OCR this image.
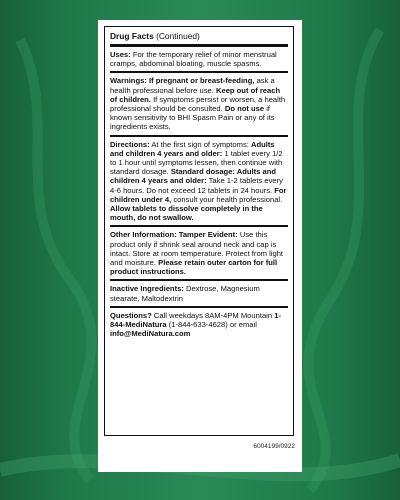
Drug Facts (Continued)

Uses: For the temporary relief of minor menstrual cramps, abdominal bloating, muscle spasms.

Warnings: If pregnant or breast-feeding, ask a health professional before use. Keep out of reach of children. If symptoms persist or worsen, a health professional should be consulted. Do not use if known sensitivity to BHI Spasm Pain or any of its ingredients exists.

Directions: At the first sign of symptoms: Adults and children 4 years and older: 1 tablet every 1/2 to 1 hour until symptoms lessen, then continue with standard dosage. Standard dosage: Adults and children 4 years and older: Take 1-2 tablets every 4-6 hours. Do not exceed 12 tablets in 24 hours. For children under 4, consult your health professional. Allow tablets to dissolve completely in the mouth, do not swallow.

Other Information: Tamper Evident: Use this product only if shrink seal around neck and cap is intact. Store at room temperature. Protect from light and moisture. Please retain outer carton for full product instructions.

Inactive Ingredients: Dextrose, Magnesium stearate, Maltodextrin

Questions? Call weekdays 8AM-4PM Mountain 1-844-MediNatura (1-844-633-4628) or email info@MediNatura.com

6004199/0922
